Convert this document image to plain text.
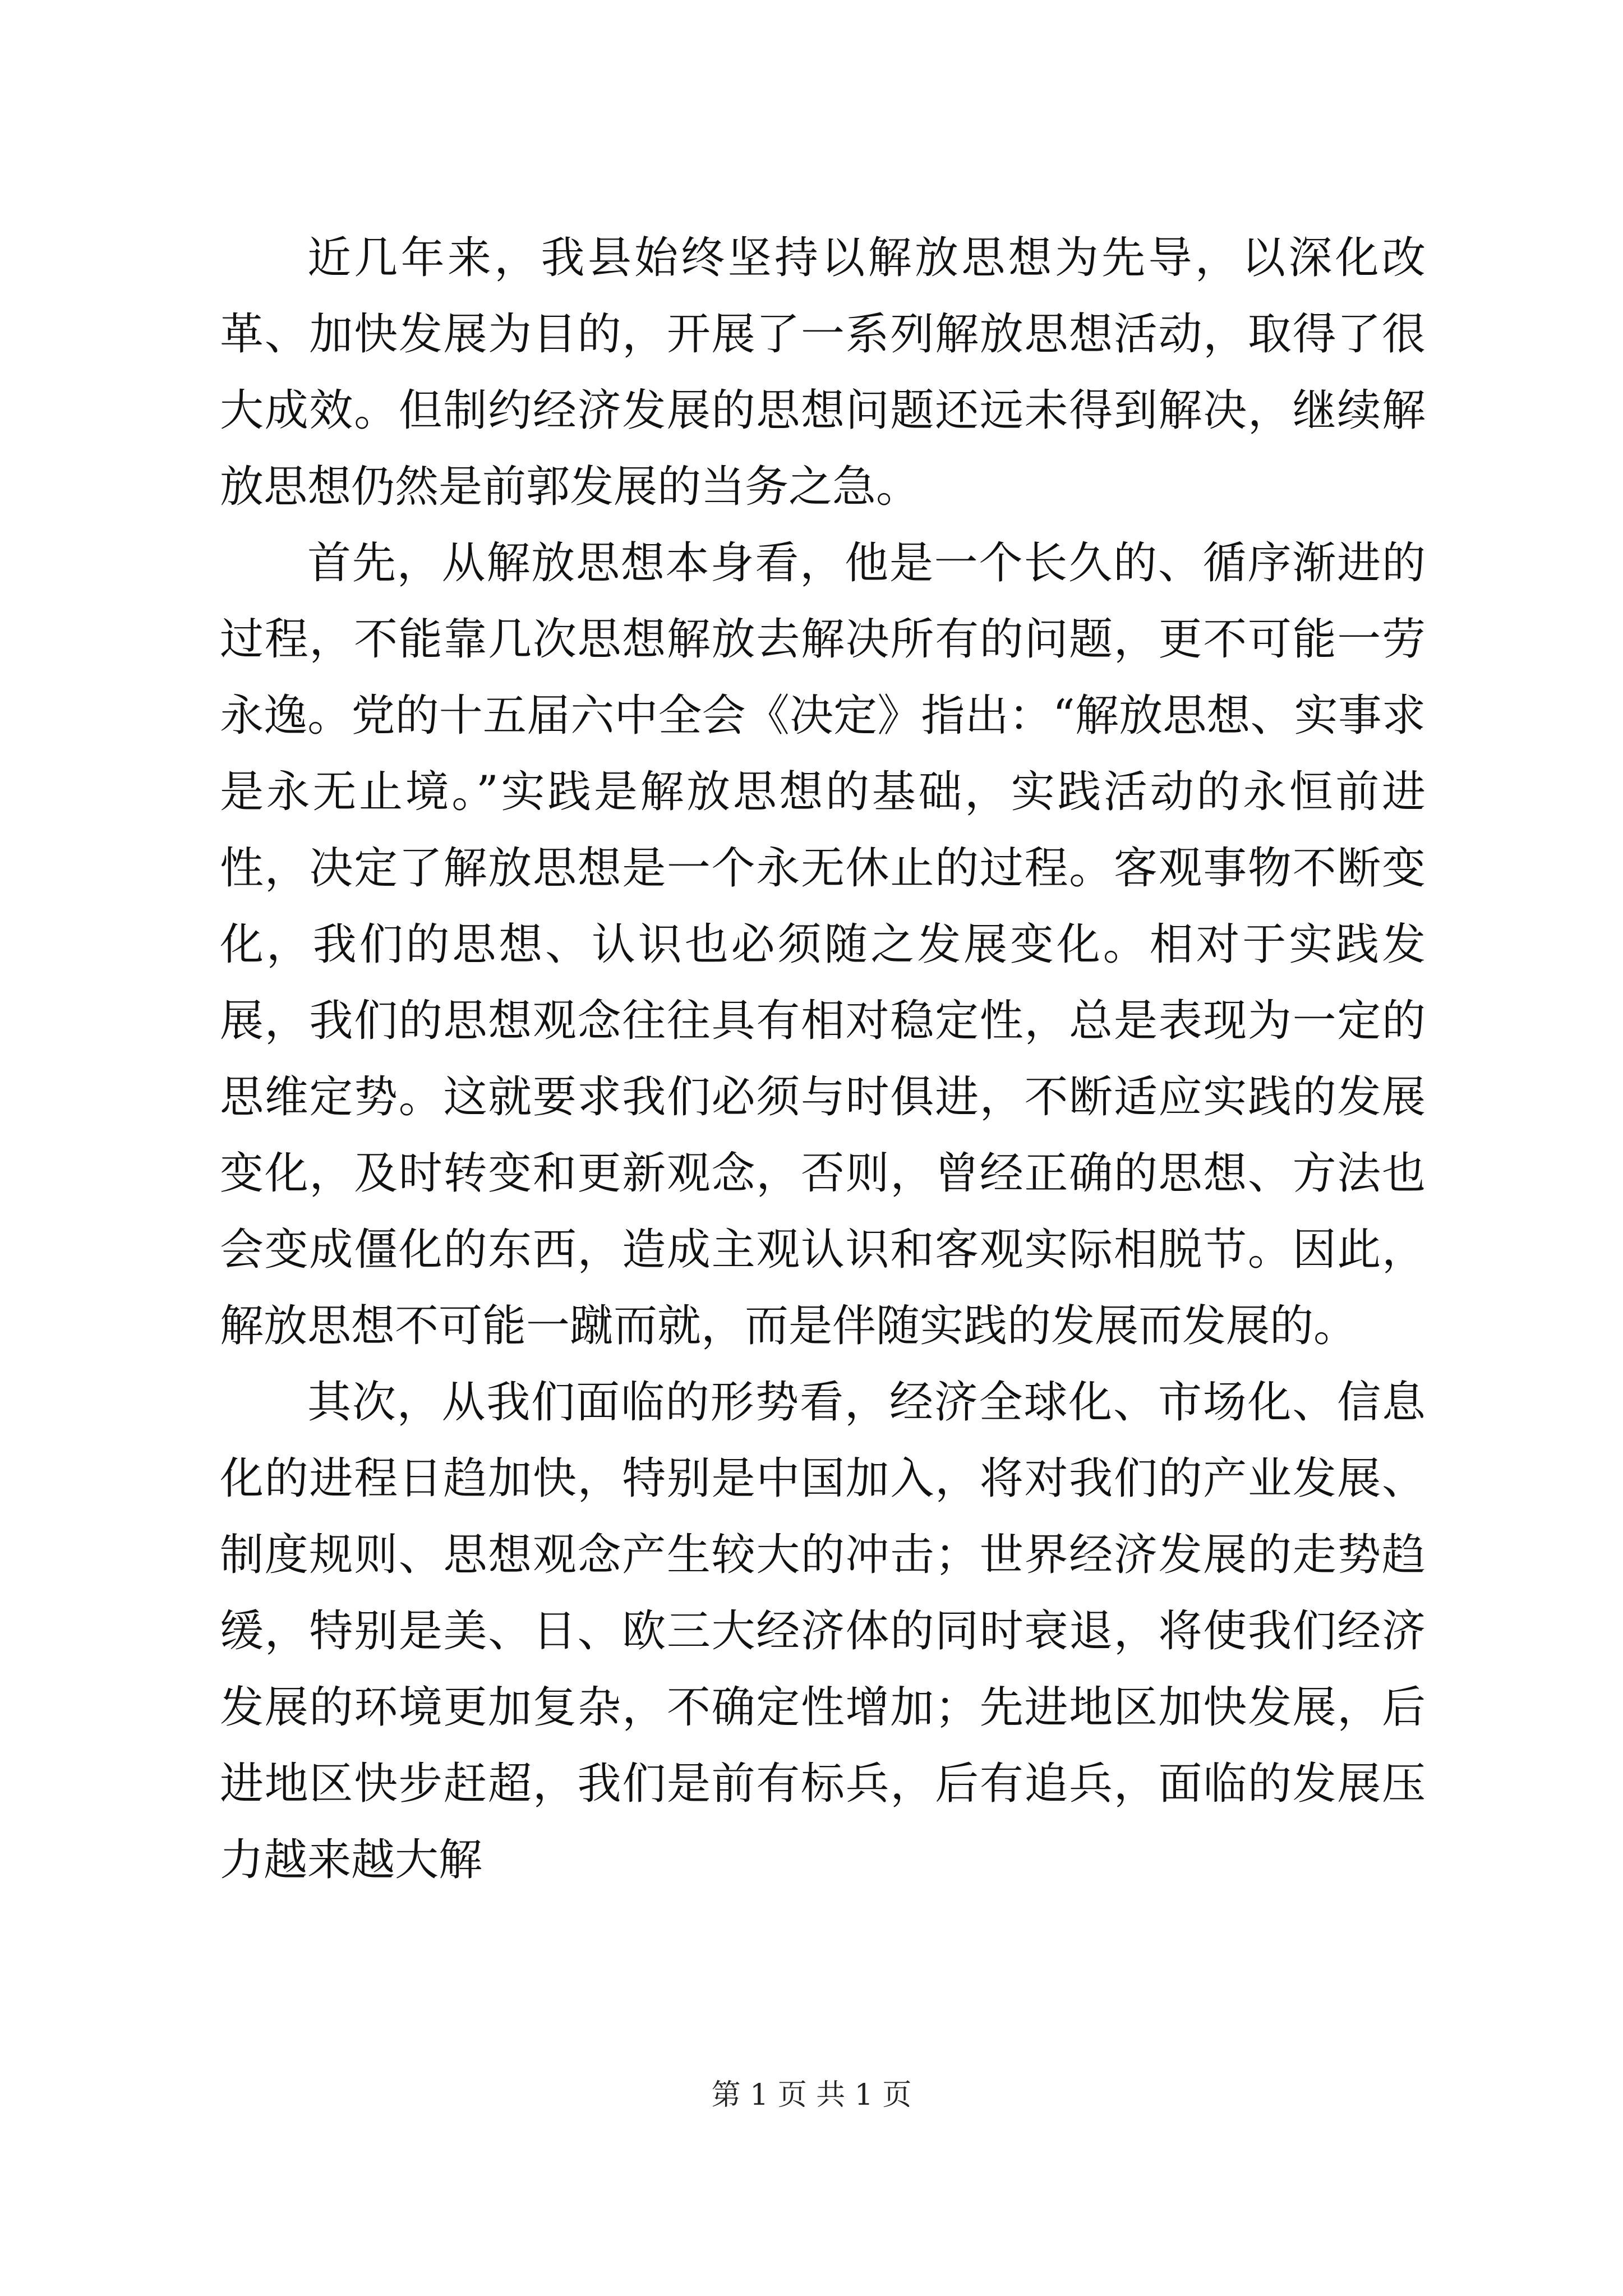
近几年来，我县始终坚持以解放思想为先导，以深化改革、加快发展为目的，开展了一系列解放思想活动，取得了很大成效。但制约经济发展的思想问题还远未得到解决，继续解放思想仍然是前郭发展的当务之急。

首先，从解放思想本身看，他是一个长久的、循序渐进的过程，不能靠几次思想解放去解决所有的问题，更不可能一劳永逸。党的十五届六中全会《决定》指出：“解放思想、实事求是永无止境。”实践是解放思想的基础，实践活动的永恒前进性，决定了解放思想是一个永无休止的过程。客观事物不断变化，我们的思想、认识也必须随之发展变化。相对于实践发展，我们的思想观念往往具有相对稳定性，总是表现为一定的思维定势。这就要求我们必须与时俱进，不断适应实践的发展变化，及时转变和更新观念，否则，曾经正确的思想、方法也会变成僵化的东西，造成主观认识和客观实际相脱节。因此，解放思想不可能一蹴而就，而是伴随实践的发展而发展的。

其次，从我们面临的形势看，经济全球化、市场化、信息化的进程日趋加快，特别是中国加入，将对我们的产业发展、制度规则、思想观念产生较大的冲击；世界经济发展的走势趋缓，特别是美、日、欧三大经济体的同时衰退，将使我们经济发展的环境更加复杂，不确定性增加；先进地区加快发展，后进地区快步赶超，我们是前有标兵，后有追兵，面临的发展压力越来越大解

第 1 页 共 1 页
